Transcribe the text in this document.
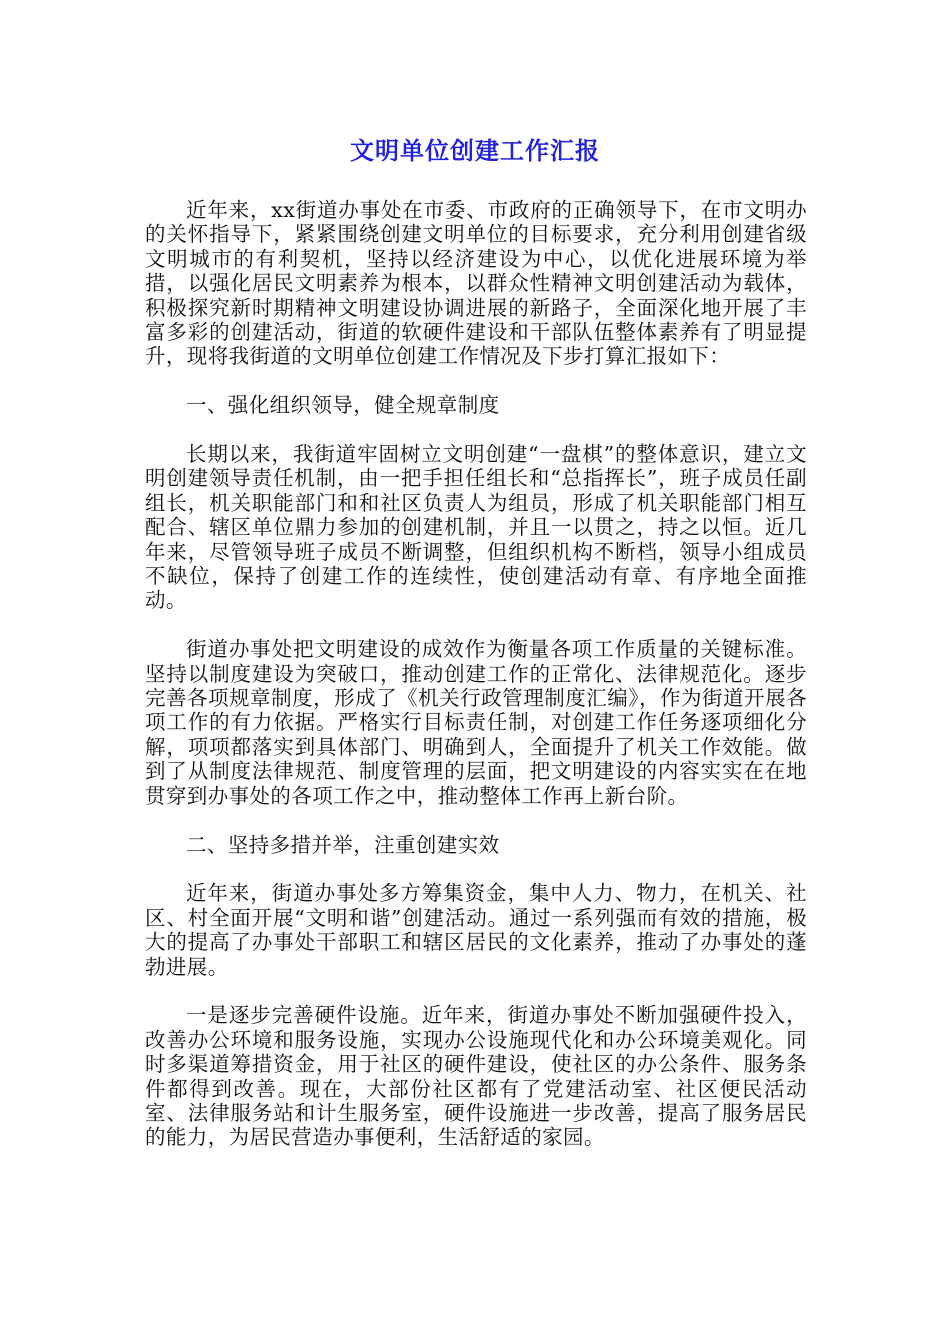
文明单位创建工作汇报

近年来，xx街道办事处在市委、市政府的正确领导下，在市文明办的关怀指导下，紧紧围绕创建文明单位的目标要求，充分利用创建省级文明城市的有利契机，坚持以经济建设为中心，以优化进展环境为举措，以强化居民文明素养为根本，以群众性精神文明创建活动为载体，积极探究新时期精神文明建设协调进展的新路子，全面深化地开展了丰富多彩的创建活动，街道的软硬件建设和干部队伍整体素养有了明显提升，现将我街道的文明单位创建工作情况及下步打算汇报如下：

一、强化组织领导，健全规章制度

长期以来，我街道牢固树立文明创建“一盘棋”的整体意识，建立文明创建领导责任机制，由一把手担任组长和“总指挥长”，班子成员任副组长，机关职能部门和和社区负责人为组员，形成了机关职能部门相互配合、辖区单位鼎力参加的创建机制，并且一以贯之，持之以恒。近几年来，尽管领导班子成员不断调整，但组织机构不断档，领导小组成员不缺位，保持了创建工作的连续性，使创建活动有章、有序地全面推动。

街道办事处把文明建设的成效作为衡量各项工作质量的关键标准。坚持以制度建设为突破口，推动创建工作的正常化、法律规范化。逐步完善各项规章制度，形成了《机关行政管理制度汇编》，作为街道开展各项工作的有力依据。严格实行目标责任制，对创建工作任务逐项细化分解，项项都落实到具体部门、明确到人，全面提升了机关工作效能。做到了从制度法律规范、制度管理的层面，把文明建设的内容实实在在地贯穿到办事处的各项工作之中，推动整体工作再上新台阶。

二、坚持多措并举，注重创建实效

近年来，街道办事处多方筹集资金，集中人力、物力，在机关、社区、村全面开展“文明和谐”创建活动。通过一系列强而有效的措施，极大的提高了办事处干部职工和辖区居民的文化素养，推动了办事处的蓬勃进展。

一是逐步完善硬件设施。近年来，街道办事处不断加强硬件投入，改善办公环境和服务设施，实现办公设施现代化和办公环境美观化。同时多渠道筹措资金，用于社区的硬件建设，使社区的办公条件、服务条件都得到改善。现在，大部份社区都有了党建活动室、社区便民活动室、法律服务站和计生服务室，硬件设施进一步改善，提高了服务居民的能力，为居民营造办事便利，生活舒适的家园。
